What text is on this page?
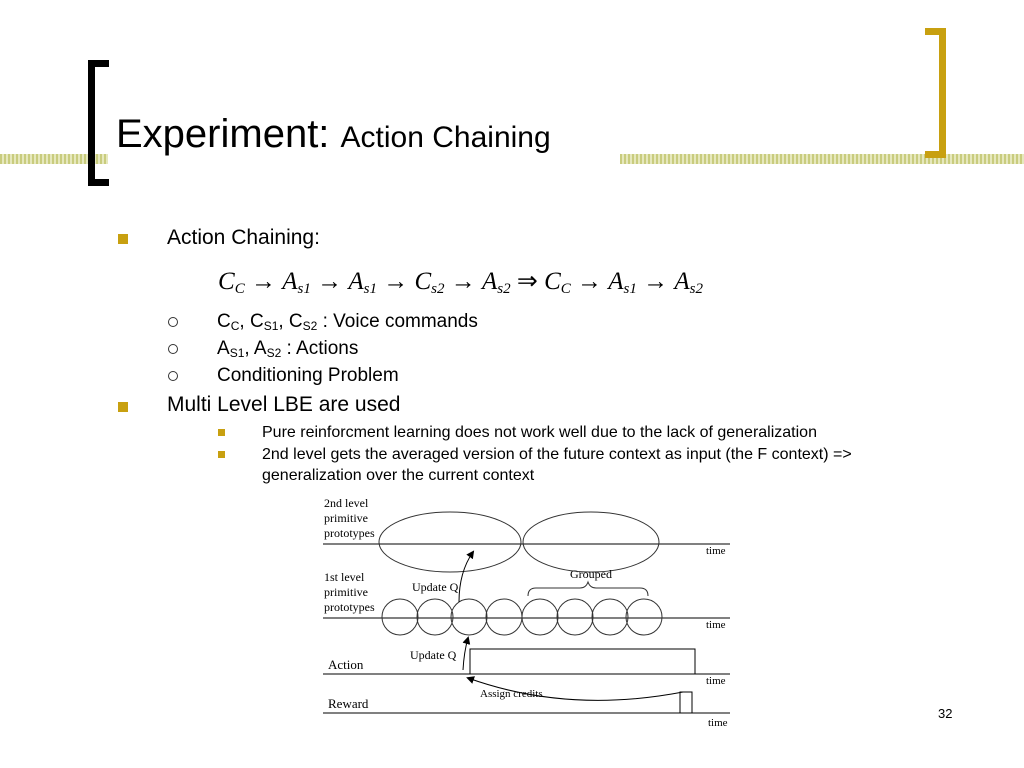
Experiment: Action Chaining
Action Chaining:
$C_C \to A_{s1} \to A_{s1} \to C_{s2} \to A_{s2}$ ⇒ $C_C \to A_{s1} \to A_{s2}$
$C_C$, $C_{S1}$, $C_{S2}$ : Voice commands
$A_{S1}$, $A_{S2}$ : Actions
Conditioning Problem
Multi Level LBE are used
Pure reinforcment learning does not work well due to the lack of generalization
2nd level gets the averaged version of the future context as input (the F context) =>
generalization over the current context
2nd level
primitive
prototypes
time
1st level
primitive
prototypes
time
Grouped
Update Q
Action
time
Update Q
Assign credits
Reward
time
32
